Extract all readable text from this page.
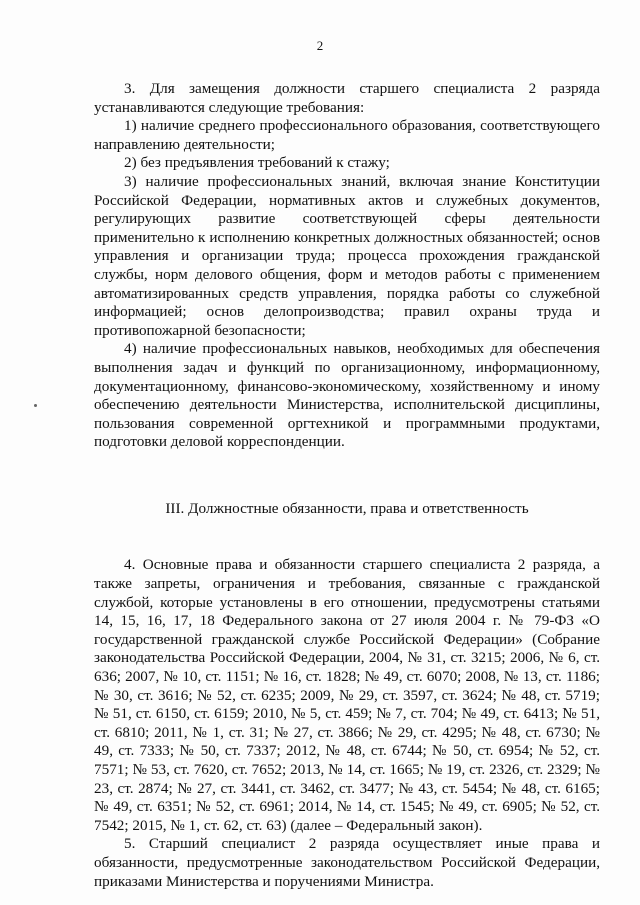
2

3. Для замещения должности старшего специалиста 2 разряда устанавливаются следующие требования:

1) наличие среднего профессионального образования, соответствующего направлению деятельности;

2) без предъявления требований к стажу;

3) наличие профессиональных знаний, включая знание Конституции Российской Федерации, нормативных актов и служебных документов, регулирующих развитие соответствующей сферы деятельности применительно к исполнению конкретных должностных обязанностей; основ управления и организации труда; процесса прохождения гражданской службы, норм делового общения, форм и методов работы с применением автоматизированных средств управления, порядка работы со служебной информацией; основ делопроизводства; правил охраны труда и противопожарной безопасности;

4) наличие профессиональных навыков, необходимых для обеспечения выполнения задач и функций по организационному, информационному, документационному, финансово-экономическому, хозяйственному и иному обеспечению деятельности Министерства, исполнительской дисциплины, пользования современной оргтехникой и программными продуктами, подготовки деловой корреспонденции.

III. Должностные обязанности, права и ответственность

4. Основные права и обязанности старшего специалиста 2 разряда, а также запреты, ограничения и требования, связанные с гражданской службой, которые установлены в его отношении, предусмотрены статьями 14, 15, 16, 17, 18 Федерального закона от 27 июля 2004 г. № 79-ФЗ «О государственной гражданской службе Российской Федерации» (Собрание законодательства Российской Федерации, 2004, № 31, ст. 3215; 2006, № 6, ст. 636; 2007, № 10, ст. 1151; № 16, ст. 1828; № 49, ст. 6070; 2008, № 13, ст. 1186; № 30, ст. 3616; № 52, ст. 6235; 2009, № 29, ст. 3597, ст. 3624; № 48, ст. 5719; № 51, ст. 6150, ст. 6159; 2010, № 5, ст. 459; № 7, ст. 704; № 49, ст. 6413; № 51, ст. 6810; 2011, № 1, ст. 31; № 27, ст. 3866; № 29, ст. 4295; № 48, ст. 6730; № 49, ст. 7333; № 50, ст. 7337; 2012, № 48, ст. 6744; № 50, ст. 6954; № 52, ст. 7571; № 53, ст. 7620, ст. 7652; 2013, № 14, ст. 1665; № 19, ст. 2326, ст. 2329; № 23, ст. 2874; № 27, ст. 3441, ст. 3462, ст. 3477; № 43, ст. 5454; № 48, ст. 6165; № 49, ст. 6351; № 52, ст. 6961; 2014, № 14, ст. 1545; № 49, ст. 6905; № 52, ст. 7542; 2015, № 1, ст. 62, ст. 63) (далее – Федеральный закон).

5. Старший специалист 2 разряда осуществляет иные права и обязанности, предусмотренные законодательством Российской Федерации, приказами Министерства и поручениями Министра.
